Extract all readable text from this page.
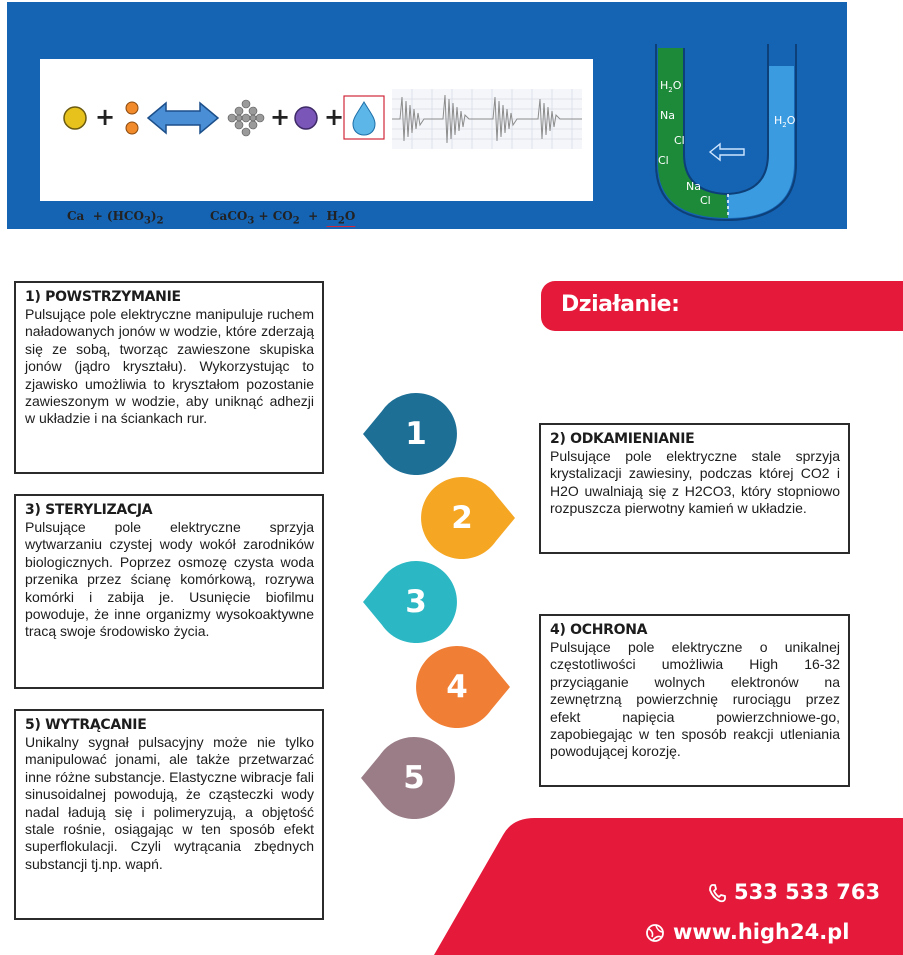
+	+ +
$Ca + (HCO_3)_2$	CaCO$_3$ + $CO_2 + H_2O$
$H_2O$
Na
Cl
Cl
Na
Cl
$H_2O$
Działanie:
1) POWSTRZYMANIE

Pulsujące pole elektryczne manipuluje ruchem naładowanych jonów w wodzie, które zderzają się ze sobą, tworząc zawieszone skupiska jonów (jądro kryształu). Wykorzystując to zjawisko umożliwia to kryształom pozostanie zawieszonym w wodzie, aby uniknąć adhezji w układzie i na ściankach rur.

3) STERYLIZACJA

Pulsujące pole elektryczne sprzyja wytwarzaniu czystej wody wokół zarodników biologicznych. Poprzez osmozę czysta woda przenika przez ścianę komórkową, rozrywa komórki i zabija je. Usunięcie biofilmu powoduje, że inne organizmy wysokoaktywne tracą swoje środowisko życia.

5) WYTRĄCANIE

Unikalny sygnał pulsacyjny może nie tylko manipulować jonami, ale także przetwarzać inne różne substancje. Elastyczne wibracje fali sinusoidalnej powodują, że cząsteczki wody nadal ładują się i polimeryzują, a objętość stale rośnie, osiągając w ten sposób efekt superflokulacji. Czyli wytrącania zbędnych substancji tj.np. wapń.

2) ODKAMIENIANIE

Pulsujące pole elektryczne stale sprzyja krystalizacji zawiesiny, podczas której CO2 i H2O uwalniają się z H2CO3, który stopniowo rozpuszcza pierwotny kamień w układzie.

4) OCHRONA

Pulsujące pole elektryczne o unikalnej częstotliwości umożliwia High 16-32 przyciąganie wolnych elektronów na zewnętrzną powierzchnię rurociągu przez efekt napięcia powierzchniowe-go, zapobiegając w ten sposób reakcji utleniania powodującej korozję.

1
2
3
4
5
533 533 763
www.high24.pl
